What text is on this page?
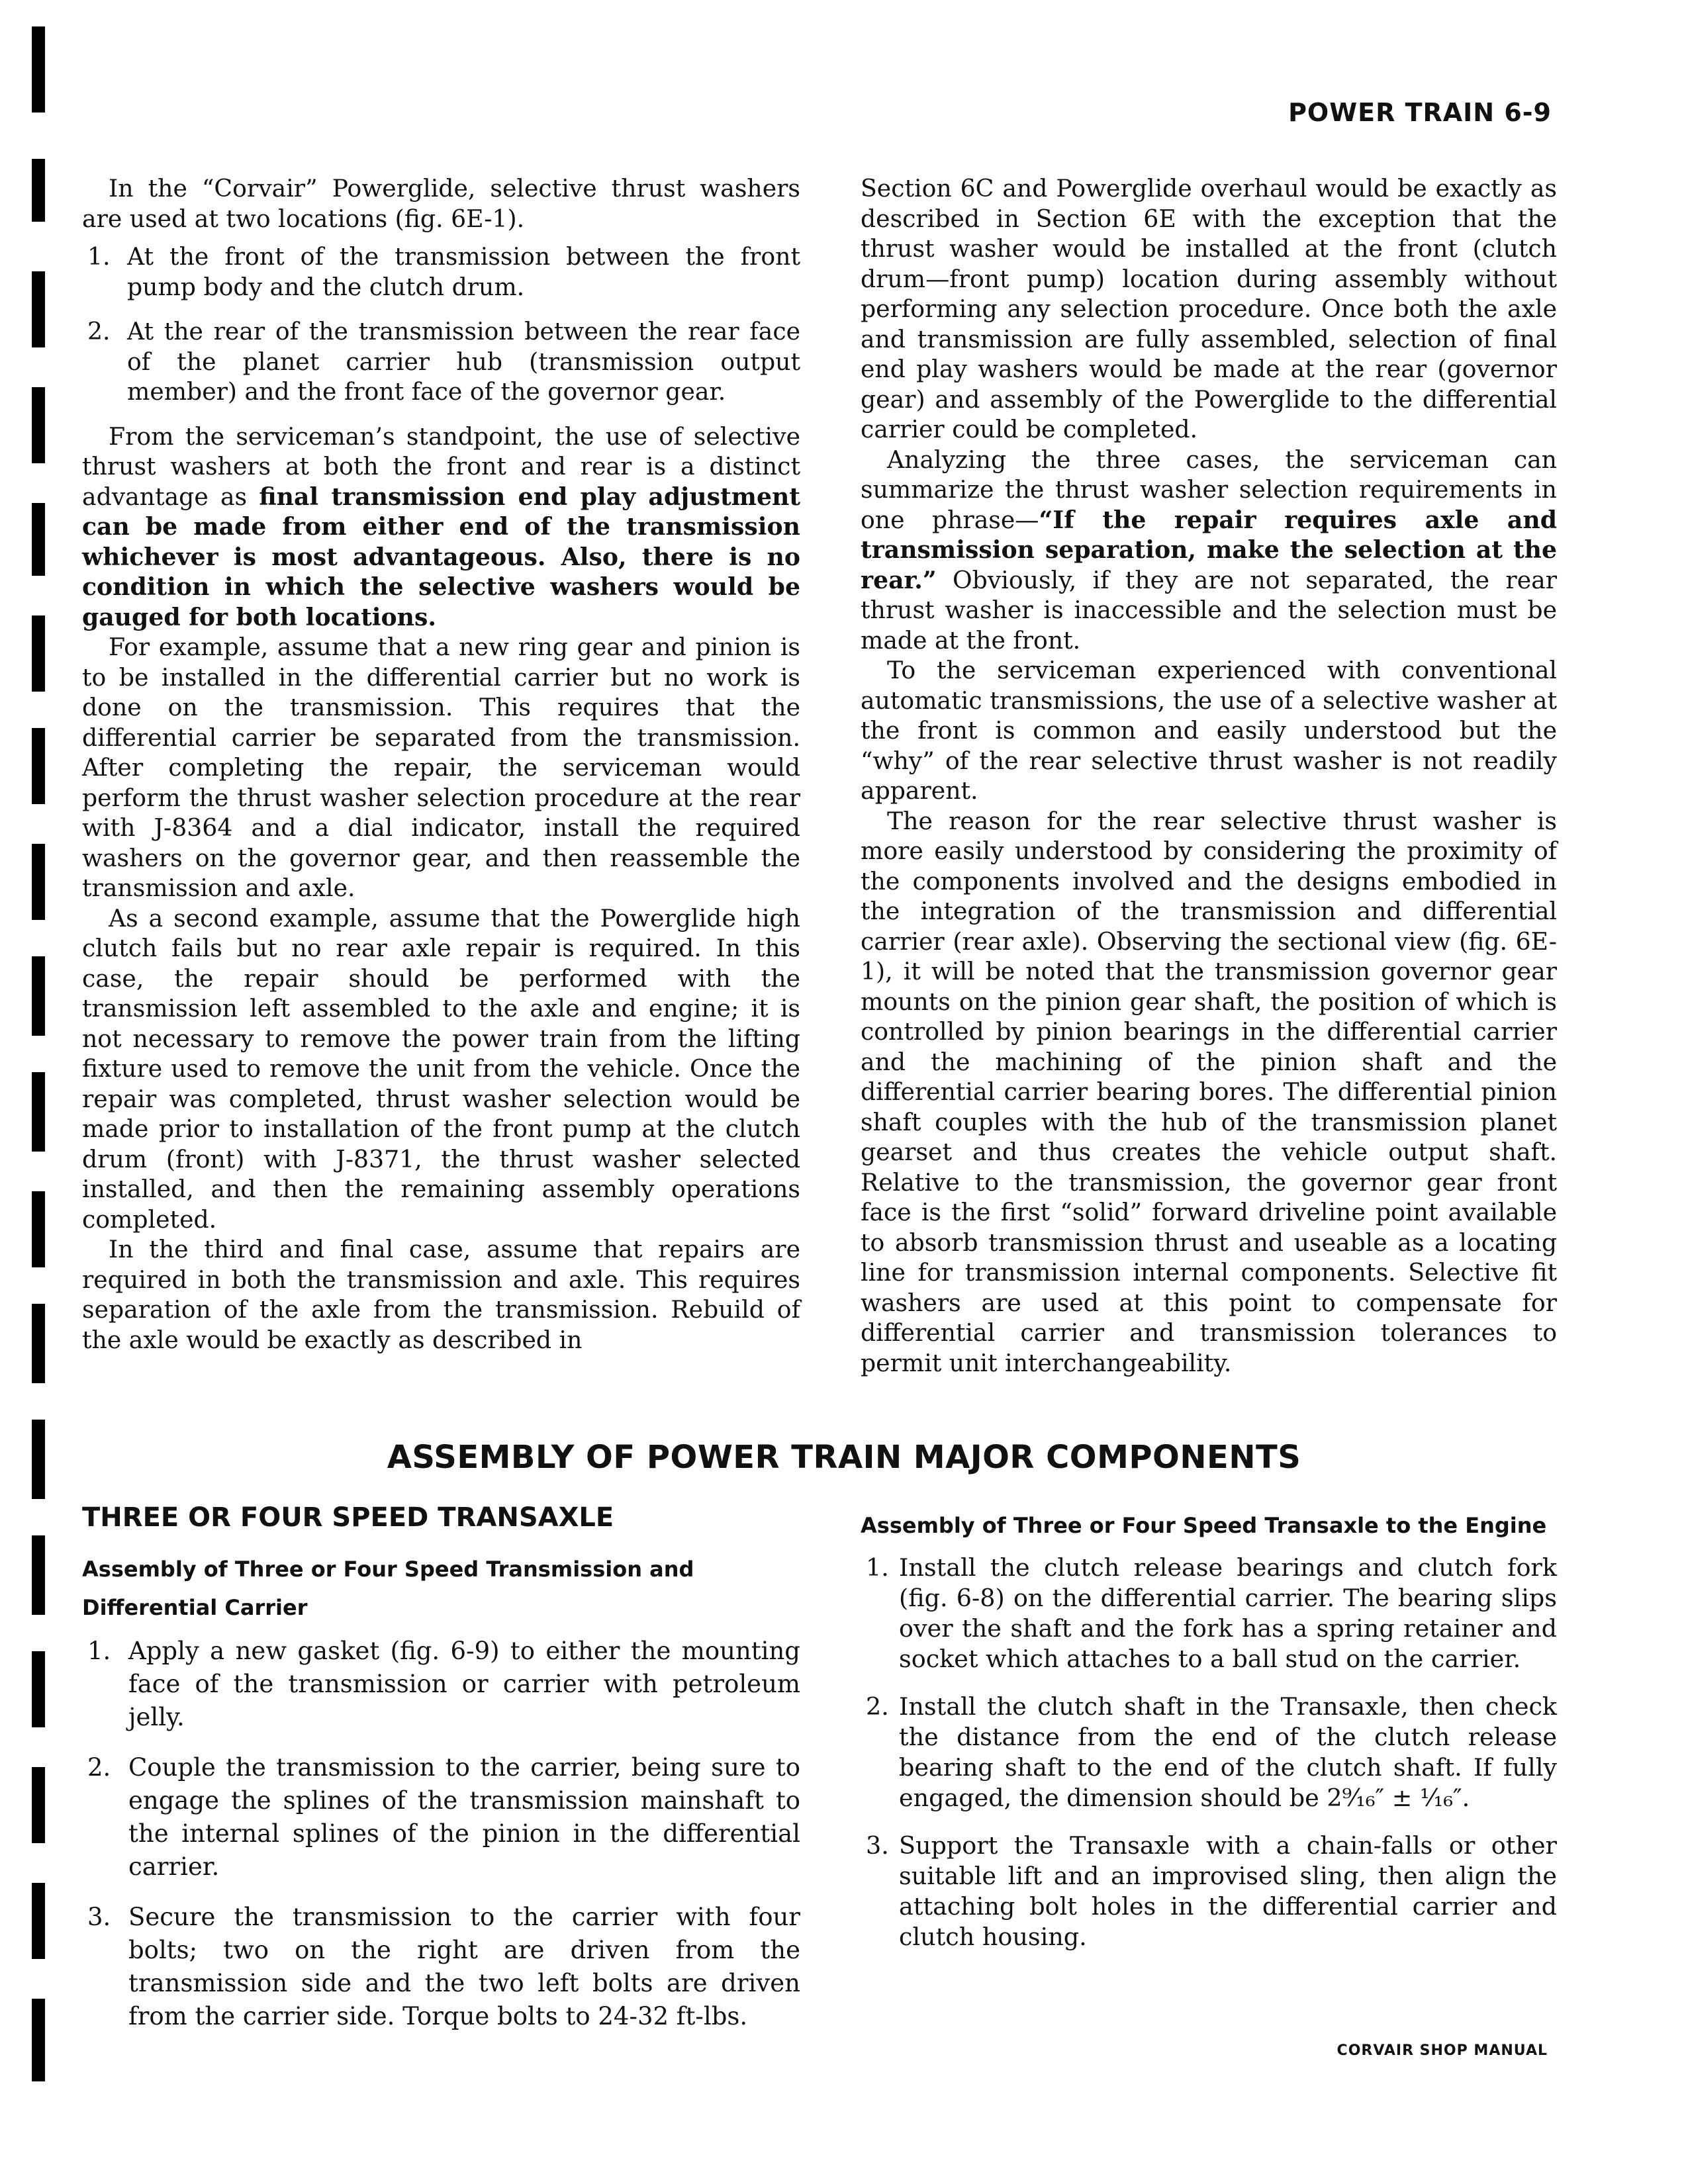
POWER TRAIN 6-9

In the “Corvair” Powerglide, selective thrust washers are used at two locations (fig. 6E-1).

1. At the front of the transmission between the front pump body and the clutch drum.
2. At the rear of the transmission between the rear face of the planet carrier hub (transmission output member) and the front face of the governor gear.

From the serviceman’s standpoint, the use of selective thrust washers at both the front and rear is a distinct advantage as final transmission end play adjustment can be made from either end of the transmission whichever is most advantageous. Also, there is no condition in which the selective washers would be gauged for both locations.

For example, assume that a new ring gear and pinion is to be installed in the differential carrier but no work is done on the transmission. This requires that the differential carrier be separated from the transmission. After completing the repair, the serviceman would perform the thrust washer selection procedure at the rear with J-8364 and a dial indicator, install the required washers on the governor gear, and then reassemble the transmission and axle.

As a second example, assume that the Powerglide high clutch fails but no rear axle repair is required. In this case, the repair should be performed with the transmission left assembled to the axle and engine; it is not necessary to remove the power train from the lifting fixture used to remove the unit from the vehicle. Once the repair was completed, thrust washer selection would be made prior to installation of the front pump at the clutch drum (front) with J-8371, the thrust washer selected installed, and then the remaining assembly operations completed.

In the third and final case, assume that repairs are required in both the transmission and axle. This requires separation of the axle from the transmission. Rebuild of the axle would be exactly as described in

Section 6C and Powerglide overhaul would be exactly as described in Section 6E with the exception that the thrust washer would be installed at the front (clutch drum—front pump) location during assembly without performing any selection procedure. Once both the axle and transmission are fully assembled, selection of final end play washers would be made at the rear (governor gear) and assembly of the Powerglide to the differential carrier could be completed.

Analyzing the three cases, the serviceman can summarize the thrust washer selection requirements in one phrase—“If the repair requires axle and transmission separation, make the selection at the rear.” Obviously, if they are not separated, the rear thrust washer is inaccessible and the selection must be made at the front.

To the serviceman experienced with conventional automatic transmissions, the use of a selective washer at the front is common and easily understood but the “why” of the rear selective thrust washer is not readily apparent.

The reason for the rear selective thrust washer is more easily understood by considering the proximity of the components involved and the designs embodied in the integration of the transmission and differential carrier (rear axle). Observing the sectional view (fig. 6E-1), it will be noted that the transmission governor gear mounts on the pinion gear shaft, the position of which is controlled by pinion bearings in the differential carrier and the machining of the pinion shaft and the differential carrier bearing bores. The differential pinion shaft couples with the hub of the transmission planet gearset and thus creates the vehicle output shaft. Relative to the transmission, the governor gear front face is the first “solid” forward driveline point available to absorb transmission thrust and useable as a locating line for transmission internal components. Selective fit washers are used at this point to compensate for differential carrier and transmission tolerances to permit unit interchangeability.

ASSEMBLY OF POWER TRAIN MAJOR COMPONENTS
THREE OR FOUR SPEED TRANSAXLE
Assembly of Three or Four Speed Transmission and Differential Carrier
1. Apply a new gasket (fig. 6-9) to either the mounting face of the transmission or carrier with petroleum jelly.
2. Couple the transmission to the carrier, being sure to engage the splines of the transmission mainshaft to the internal splines of the pinion in the differential carrier.
3. Secure the transmission to the carrier with four bolts; two on the right are driven from the transmission side and the two left bolts are driven from the carrier side. Torque bolts to 24-32 ft-lbs.
Assembly of Three or Four Speed Transaxle to the Engine
1. Install the clutch release bearings and clutch fork (fig. 6-8) on the differential carrier. The bearing slips over the shaft and the fork has a spring retainer and socket which attaches to a ball stud on the carrier.
2. Install the clutch shaft in the Transaxle, then check the distance from the end of the clutch release bearing shaft to the end of the clutch shaft. If fully engaged, the dimension should be 2⁹⁄₁₆″ ± ¹⁄₁₆″.
3. Support the Transaxle with a chain-falls or other suitable lift and an improvised sling, then align the attaching bolt holes in the differential carrier and clutch housing.
CORVAIR SHOP MANUAL
